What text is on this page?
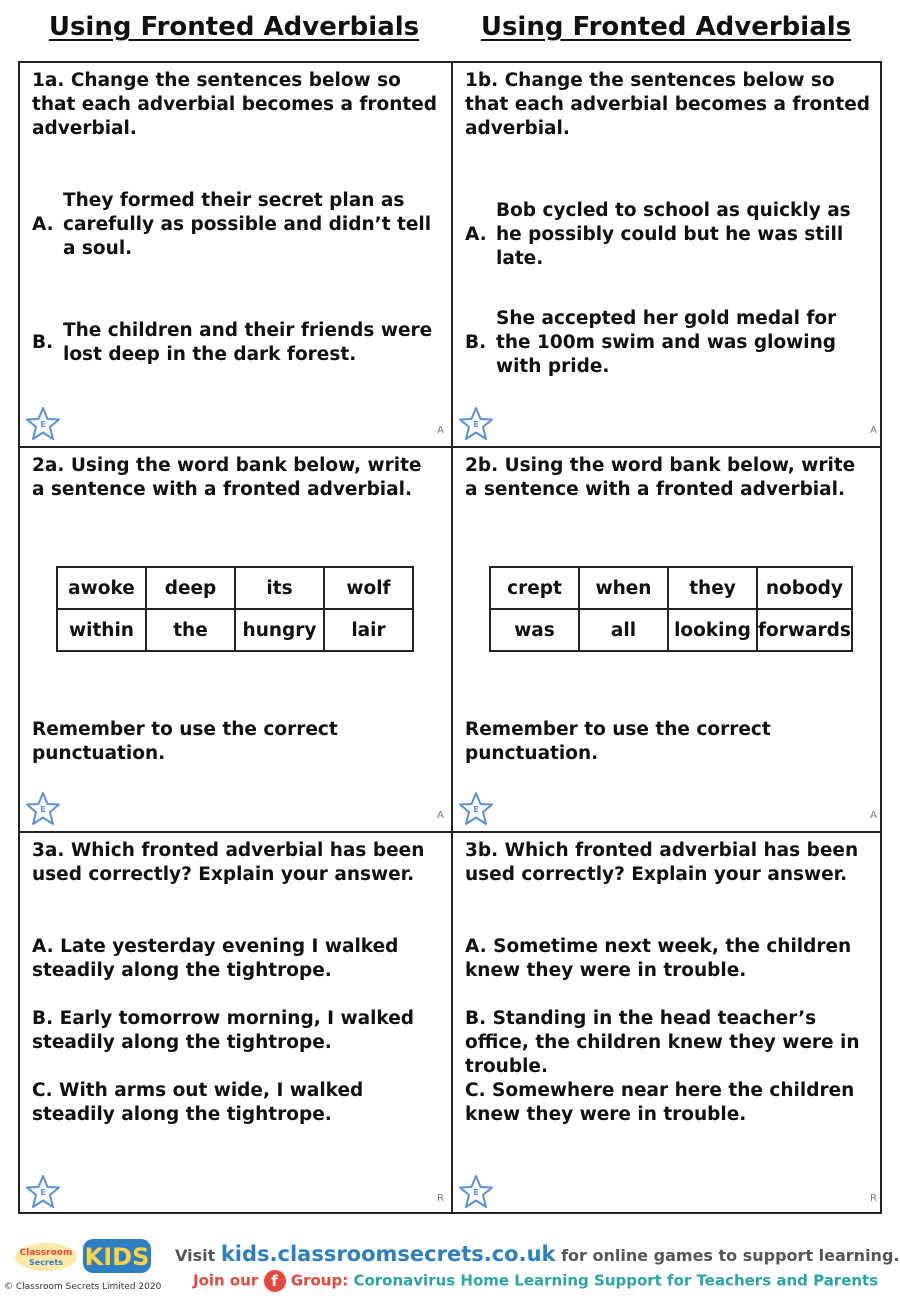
Using Fronted Adverbials	Using Fronted Adverbials
1a. Change the sentences below so that each adverbial becomes a fronted adverbial.
A.
They formed their secret plan as carefully as possible and didn’t tell a soul.
B.
The children and their friends were lost deep in the dark forest.
E
A
1b. Change the sentences below so that each adverbial becomes a fronted adverbial.
A.
Bob cycled to school as quickly as he possibly could but he was still late.
B.
She accepted her gold medal for the 100m swim and was glowing with pride.
E
A
2a. Using the word bank below, write a sentence with a fronted adverbial.
awoke	deep	its	wolf
within	the	hungry	lair
Remember to use the correct punctuation.
E
A
2b. Using the word bank below, write a sentence with a fronted adverbial.
crept	when	they	nobody
was	all	looking	forwards
Remember to use the correct punctuation.
E
A
3a. Which fronted adverbial has been used correctly? Explain your answer.
A. Late yesterday evening I walked steadily along the tightrope.
B. Early tomorrow morning, I walked steadily along the tightrope.
C. With arms out wide, I walked steadily along the tightrope.
E
R
3b. Which fronted adverbial has been used correctly? Explain your answer.
A. Sometime next week, the children knew they were in trouble.
B. Standing in the head teacher’s office, the children knew they were in trouble.
C. Somewhere near here the children knew they were in trouble.
E
R
Classroom
Secrets KIDS
© Classroom Secrets Limited 2020
Visit kids.classroomsecrets.co.uk for online games to support learning.
Join our f Group: Coronavirus Home Learning Support for Teachers and Parents
